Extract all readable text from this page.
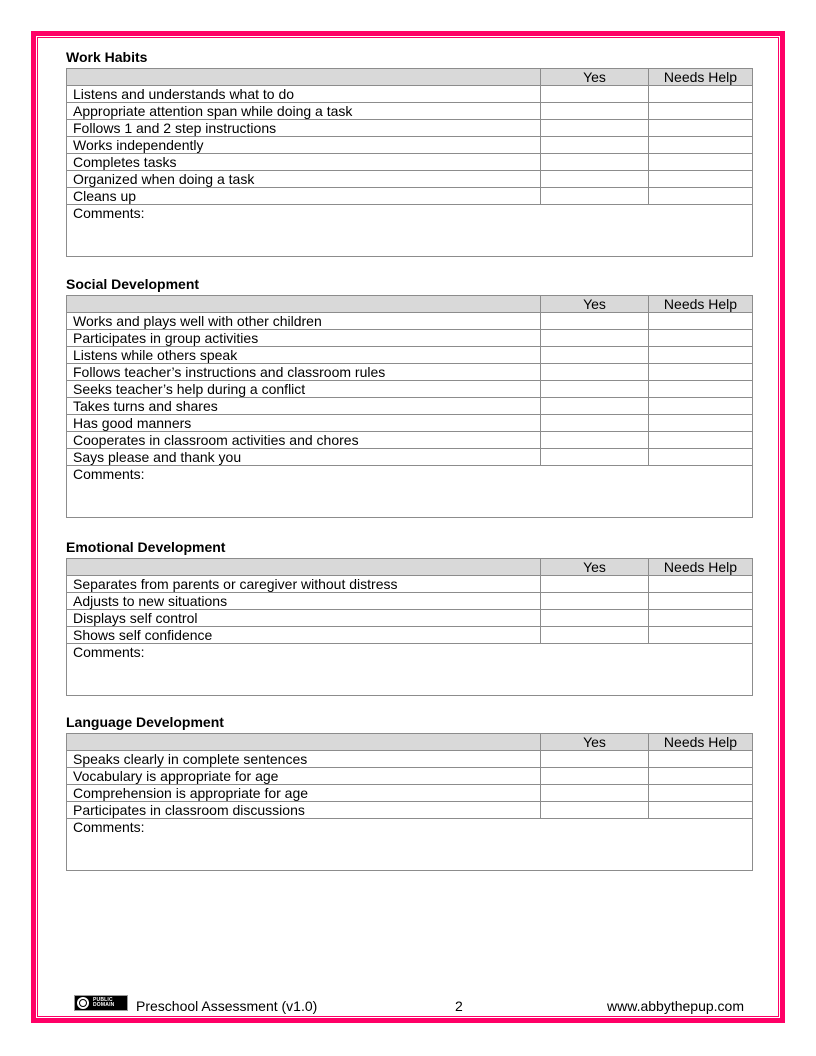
Work Habits
	Yes	Needs Help
Listens and understands what to do		
Appropriate attention span while doing a task		
Follows 1 and 2 step instructions		
Works independently		
Completes tasks		
Organized when doing a task		
Cleans up		
Comments:		
Social Development
	Yes	Needs Help
Works and plays well with other children		
Participates in group activities		
Listens while others speak		
Follows teacher’s instructions and classroom rules		
Seeks teacher’s help during a conflict		
Takes turns and shares		
Has good manners		
Cooperates in classroom activities and chores		
Says please and thank you		
Comments:		
Emotional Development
	Yes	Needs Help
Separates from parents or caregiver without distress		
Adjusts to new situations		
Displays self control		
Shows self confidence		
Comments:		
Language Development
	Yes	Needs Help
Speaks clearly in complete sentences		
Vocabulary is appropriate for age		
Comprehension is appropriate for age		
Participates in classroom discussions		
Comments:		
PUBLIC
DOMAIN Preschool Assessment (v1.0)	2	www.abbythepup.com
